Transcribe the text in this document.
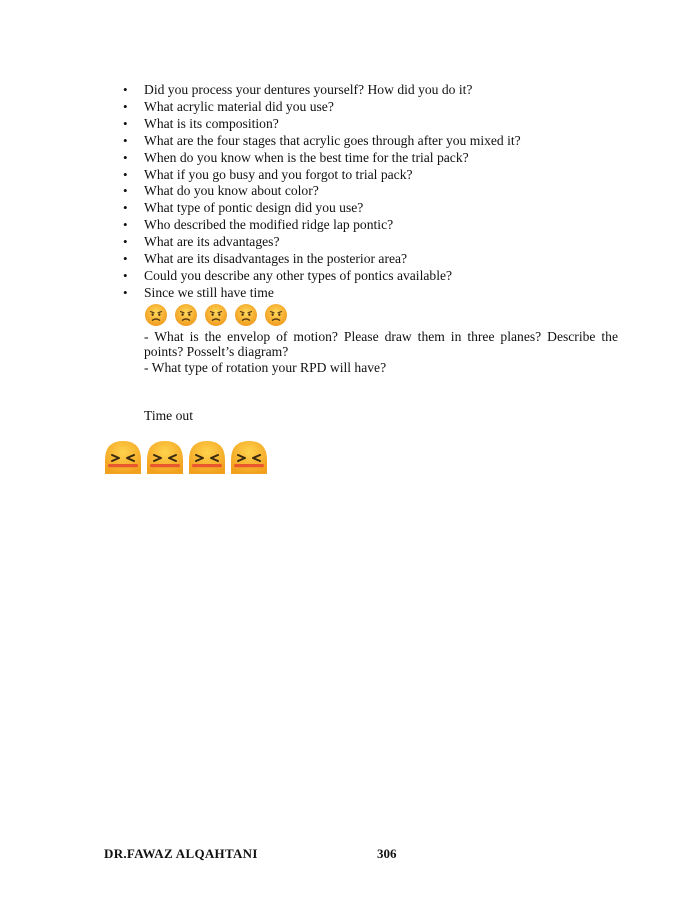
• Did you process your dentures yourself? How did you do it?
• What acrylic material did you use?
• What is its composition?
• What are the four stages that acrylic goes through after you mixed it?
• When do you know when is the best time for the trial pack?
• What if you go busy and you forgot to trial pack?
• What do you know about color?
• What type of pontic design did you use?
• Who described the modified ridge lap pontic?
• What are its advantages?
• What are its disadvantages in the posterior area?
• Could you describe any other types of pontics available?
• Since we still have time

- What is the envelop of motion? Please draw them in three planes? Describe the points? Posselt’s diagram?

- What type of rotation your RPD will have?

Time out
DR.FAWAZ ALQAHTANI	306
